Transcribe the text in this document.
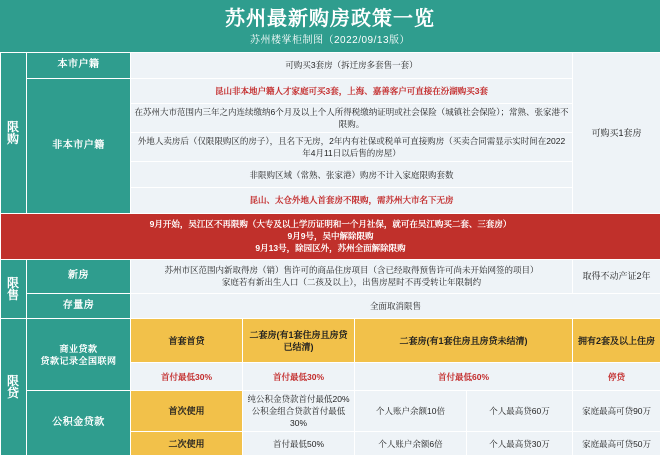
苏州最新购房政策一览
苏州楼掌柜制图（2022/09/13版）
限购	本市户籍	可购买3套房（拆迁房多套售一套）				可购买1套房
	非本市户籍	昆山非本地户籍人才家庭可买3套，上海、嘉善客户可直接在汾湖购买3套				
		在苏州大市范围内三年之内连续缴纳6个月及以上个人所得税缴纳证明或社会保险（城镇社会保险）；常熟、张家港不限购。				
		外地人卖房后（仅限限购区的房子），且名下无房，2年内有社保或税单可直接购房（买卖合同需显示实时间在2022年4月11日以后售的房屋）				
		非限购区域（常熟、张家港）购房不计入家庭限购套数				
		昆山、太仓外地人首套房不限购，需苏州大市名下无房				

9月开始，吴江区不再限购（大专及以上学历证明和一个月社保，就可在吴江购买二套、三套房）
9月9号，吴中解除限购
9月13号，除园区外，苏州全面解除限购						

限售	新房	苏州市区范围内新取得房（销）售许可的商品住房项目（含已经取得预售许可尚未开始网签的项目）
家庭若有新出生人口（二孩及以上），出售房屋时不再受转让年限制约				取得不动产证2年
	存量房	全面取消限售				
限贷	商业贷款
贷款记录全国联网	首套首贷	二套房(有1套住房且房贷已结清)	二套房(有1套住房且房贷未结清)		拥有2套及以上住房
		首付最低30%	首付最低30%	首付最低60%		停贷
	公积金贷款	首次使用	纯公积金贷款首付最低20%
公积金组合贷款首付最低30%	个人账户余额10倍	个人最高贷60万	家庭最高可贷90万
		二次使用	首付最低50%	个人账户余额6倍	个人最高贷30万	家庭最高可贷50万
